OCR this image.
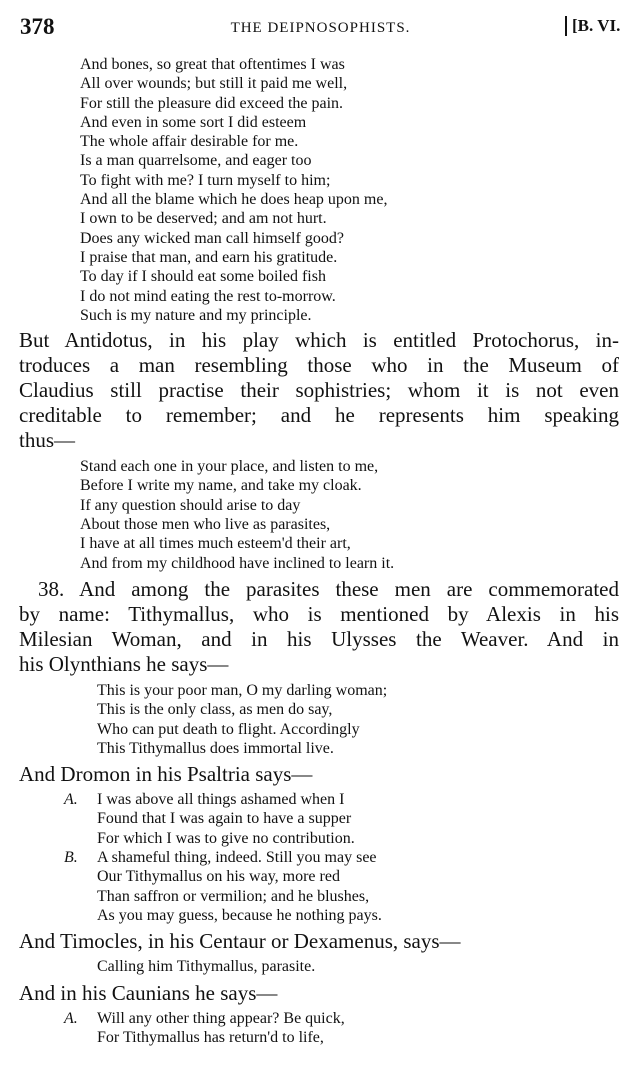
378	THE DEIPNOSOPHISTS.	[B. VI.
And bones, so great that oftentimes I was
All over wounds; but still it paid me well,
For still the pleasure did exceed the pain.
And even in some sort I did esteem
The whole affair desirable for me.
Is a man quarrelsome, and eager too
To fight with me? I turn myself to him;
And all the blame which he does heap upon me,
I own to be deserved; and am not hurt.
Does any wicked man call himself good?
I praise that man, and earn his gratitude.
To day if I should eat some boiled fish
I do not mind eating the rest to-morrow.
Such is my nature and my principle.
But Antidotus, in his play which is entitled Protochorus, in-
troduces a man resembling those who in the Museum of
Claudius still practise their sophistries; whom it is not even
creditable to remember; and he represents him speaking
thus—
Stand each one in your place, and listen to me,
Before I write my name, and take my cloak.
If any question should arise to day
About those men who live as parasites,
I have at all times much esteem'd their art,
And from my childhood have inclined to learn it.
38. And among the parasites these men are commemorated
by name: Tithymallus, who is mentioned by Alexis in his
Milesian Woman, and in his Ulysses the Weaver. And in
his Olynthians he says—
This is your poor man, O my darling woman;
This is the only class, as men do say,
Who can put death to flight. Accordingly
This Tithymallus does immortal live.
And Dromon in his Psaltria says—
A. I was above all things ashamed when I
Found that I was again to have a supper
For which I was to give no contribution.
B. A shameful thing, indeed. Still you may see
Our Tithymallus on his way, more red
Than saffron or vermilion; and he blushes,
As you may guess, because he nothing pays.
And Timocles, in his Centaur or Dexamenus, says—
Calling him Tithymallus, parasite.
And in his Caunians he says—
A. Will any other thing appear? Be quick,
For Tithymallus has return'd to life,
